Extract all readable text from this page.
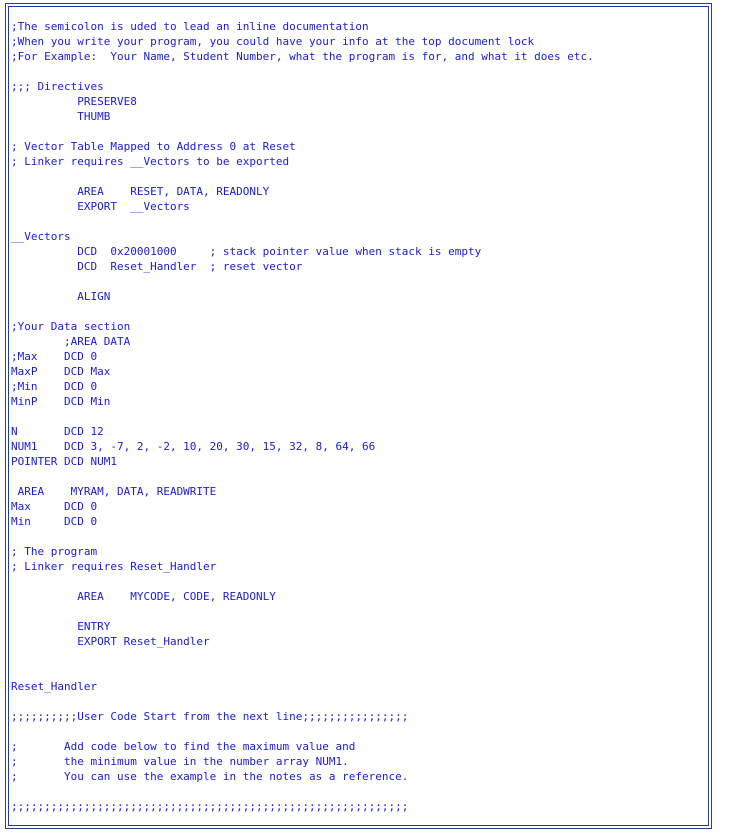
;The semicolon is uded to lead an inline documentation
;When you write your program, you could have your info at the top document lock
;For Example:  Your Name, Student Number, what the program is for, and what it does etc.
;;; Directives
PRESERVE8
THUMB
; Vector Table Mapped to Address 0 at Reset
; Linker requires __Vectors to be exported
AREA    RESET, DATA, READONLY
EXPORT  __Vectors
__Vectors
DCD  0x20001000     ; stack pointer value when stack is empty
DCD  Reset_Handler  ; reset vector
ALIGN
;Your Data section
;AREA DATA
;Max    DCD 0
MaxP    DCD Max
;Min    DCD 0
MinP    DCD Min
N       DCD 12
NUM1    DCD 3, -7, 2, -2, 10, 20, 30, 15, 32, 8, 64, 66
POINTER DCD NUM1
AREA    MYRAM, DATA, READWRITE
Max     DCD 0
Min     DCD 0
; The program
; Linker requires Reset_Handler
AREA    MYCODE, CODE, READONLY
ENTRY
EXPORT Reset_Handler
Reset_Handler
;;;;;;;;;;User Code Start from the next line;;;;;;;;;;;;;;;;
;       Add code below to find the maximum value and
;       the minimum value in the number array NUM1.
;       You can use the example in the notes as a reference.
;;;;;;;;;;;;;;;;;;;;;;;;;;;;;;;;;;;;;;;;;;;;;;;;;;;;;;;;;;;;
